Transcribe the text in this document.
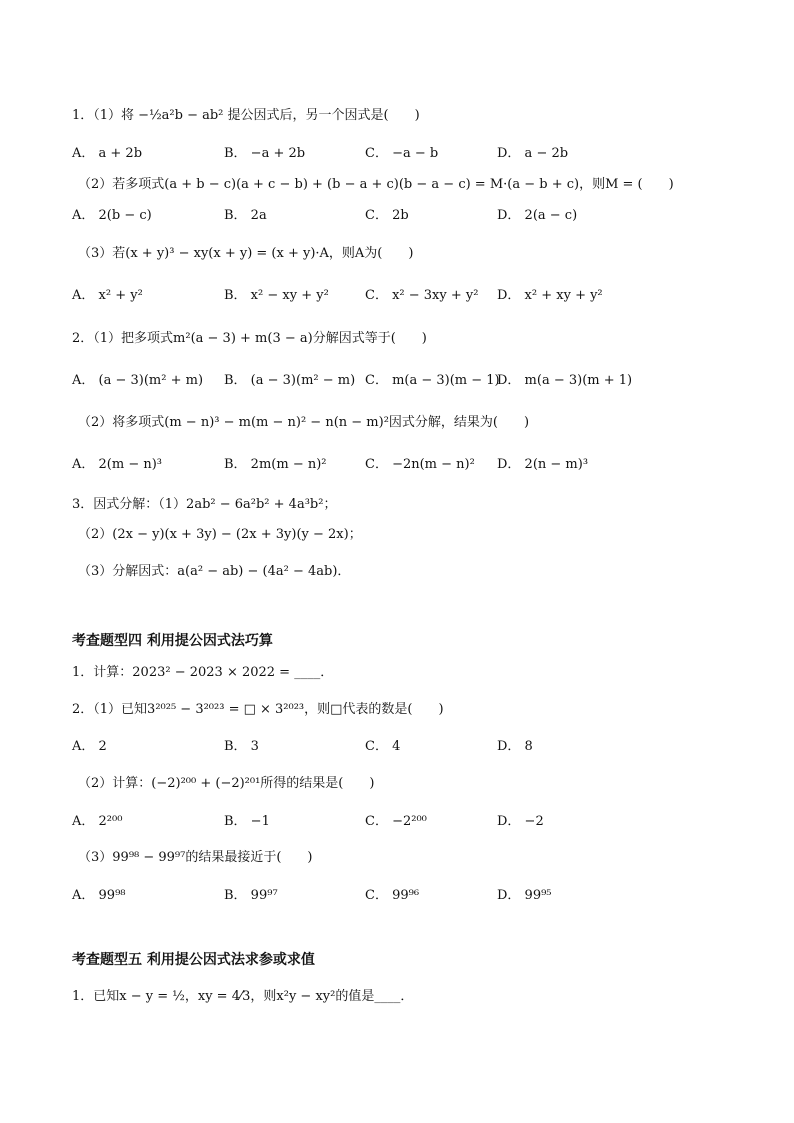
1．（1）将 −½a²b − ab² 提公因式后，另一个因式是(　　)
A． a + 2b	B． −a + 2b	C． −a − b	D． a − 2b
（2）若多项式(a + b − c)(a + c − b) + (b − a + c)(b − a − c) = M·(a − b + c)，则M = (　　)
A． 2(b − c)	B． 2a	C． 2b	D． 2(a − c)
（3）若(x + y)³ − xy(x + y) = (x + y)·A，则A为(　　)
A． x² + y²	B． x² − xy + y²	C． x² − 3xy + y² D． x² + xy + y²
2．（1）把多项式m²(a − 3) + m(3 − a)分解因式等于(　　)
A． (a − 3)(m² + m) B． (a − 3)(m² − m) C． m(a − 3)(m − 1)
D． m(a − 3)(m + 1)
（2）将多项式(m − n)³ − m(m − n)² − n(n − m)²因式分解，结果为(　　)
A． 2(m − n)³	B． 2m(m − n)²	C． −2n(m − n)² D． 2(n − m)³
3．因式分解：（1）2ab² − 6a²b² + 4a³b²；
（2）(2x − y)(x + 3y) − (2x + 3y)(y − 2x)；
（3）分解因式：a(a² − ab) − (4a² − 4ab)．
考查题型四 利用提公因式法巧算
1．计算：2023² − 2023 × 2022 = ____．
2．（1）已知3²⁰²⁵ − 3²⁰²³ = □ × 3²⁰²³，则□代表的数是(　　)
A． 2	B． 3	C． 4	D． 8
（2）计算：(−2)²⁰⁰ + (−2)²⁰¹所得的结果是(　　)
A． 2²⁰⁰	B． −1	C． −2²⁰⁰	D． −2
（3）99⁹⁸ − 99⁹⁷的结果最接近于(　　)
A． 99⁹⁸	B． 99⁹⁷	C． 99⁹⁶	D． 99⁹⁵
考查题型五 利用提公因式法求参或求值
1．已知x − y = ½，xy = 4⁄3，则x²y − xy²的值是____．
